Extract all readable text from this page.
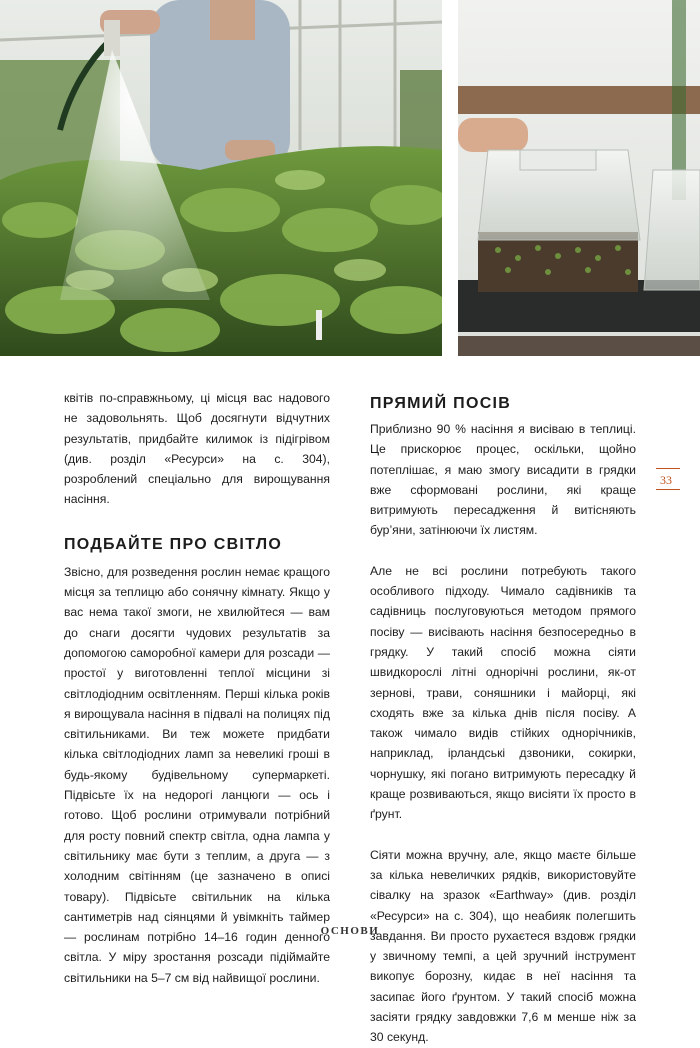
квітів по-справжньому, ці місця вас надового не задовольнять. Щоб досягнути відчутних результатів, придбайте килимок із підігрівом (див. розділ «Ресурси» на с. 304), розроблений спеціально для вирощування насіння.

ПОДБАЙТЕ ПРО СВІТЛО

Звісно, для розведення рослин немає кращого місця за теплицю або сонячну кімнату. Якщо у вас нема такої змоги, не хвилюйтеся — вам до снаги досягти чудових результатів за допомогою саморобної камери для розсади — простої у виготовленні теплої місцини зі світлодіодним освітленням. Перші кілька років я вирощувала насіння в підвалі на полицях під світильниками. Ви теж можете придбати кілька світлодіодних ламп за невеликі гроші в будь-якому будівельному супермаркеті. Підвісьте їх на недорогі ланцюги — ось і готово. Щоб рослини отримували потрібний для росту повний спектр світла, одна лампа у світильнику має бути з теплим, а друга — з холодним світінням (це зазначено в описі товару). Підвісьте світильник на кілька сантиметрів над сіянцями й увімкніть таймер — рослинам потрібно 14–16 годин денного світла. У міру зростання розсади підіймайте світильники на 5–7 см від найвищої рослини.

ПРЯМИЙ ПОСІВ

Приблизно 90 % насіння я висіваю в теплиці. Це прискорює процес, оскільки, щойно потеплішає, я маю змогу висадити в грядки вже сформовані рослини, які краще витримують пересадження й витісняють бур’яни, затінюючи їх листям.

Але не всі рослини потребують такого особливого підходу. Чимало садівників та садівниць послуговуються методом прямого посіву — висівають насіння безпосередньо в грядку. У такий спосіб можна сіяти швидкорослі літні однорічні рослини, як-от зернові, трави, соняшники і майорці, які сходять вже за кілька днів після посіву. А також чимало видів стійких однорічників, наприклад, ірландські дзвоники, сокирки, чорнушку, які погано витримують пересадку й краще розвиваються, якщо висіяти їх просто в ґрунт.

Сіяти можна вручну, але, якщо маєте більше за кілька невеличких рядків, використовуйте сівалку на зразок «Earthway» (див. розділ «Ресурси» на с. 304), що неабияк полегшить завдання. Ви просто рухаєтеся вздовж грядки у звичному темпі, а цей зручний інструмент викопує борозну, кидає в неї насіння та засипає його ґрунтом. У такий спосіб можна засіяти грядку завдовжки 7,6 м менше ніж за 30 секунд.

33
ОСНОВИ
